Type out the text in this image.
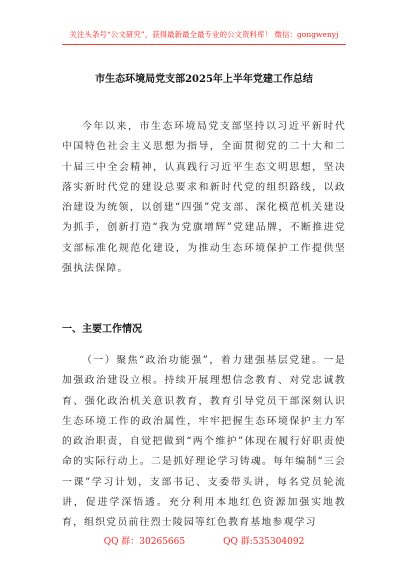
关注头条号“公文研究”，获得最新最全最专业的公文资料库！ 微信：gongwenyj
市生态环境局党支部2025年上半年党建工作总结
今年以来，市生态环境局党支部坚持以习近平新时代中国特色社会主义思想为指导，全面贯彻党的二十大和二十届三中全会精神，认真践行习近平生态文明思想，坚决落实新时代党的建设总要求和新时代党的组织路线，以政治建设为统领，以创建“四强”党支部、深化模范机关建设为抓手，创新打造“我为党旗增辉”党建品牌，不断推进党支部标准化规范化建设，为推动生态环境保护工作提供坚强执法保障。
一、主要工作情况
（一）聚焦“政治功能强”，着力建强基层党建。一是加强政治建设立根。持续开展理想信念教育、对党忠诚教育、强化政治机关意识教育，教育引导党员干部深刻认识生态环境工作的政治属性，牢牢把握生态环境保护主力军的政治职责，自觉把做到“两个维护”体现在履行好职责使命的实际行动上。二是抓好理论学习铸魂。每年编制“三会一课”学习计划，支部书记、支委带头讲，每名党员轮流讲，促进学深悟透。充分利用本地红色资源加强实地教育，组织党员前往烈士陵园等红色教育基地参观学习
QQ 群：30265665	QQ 群:535304092
